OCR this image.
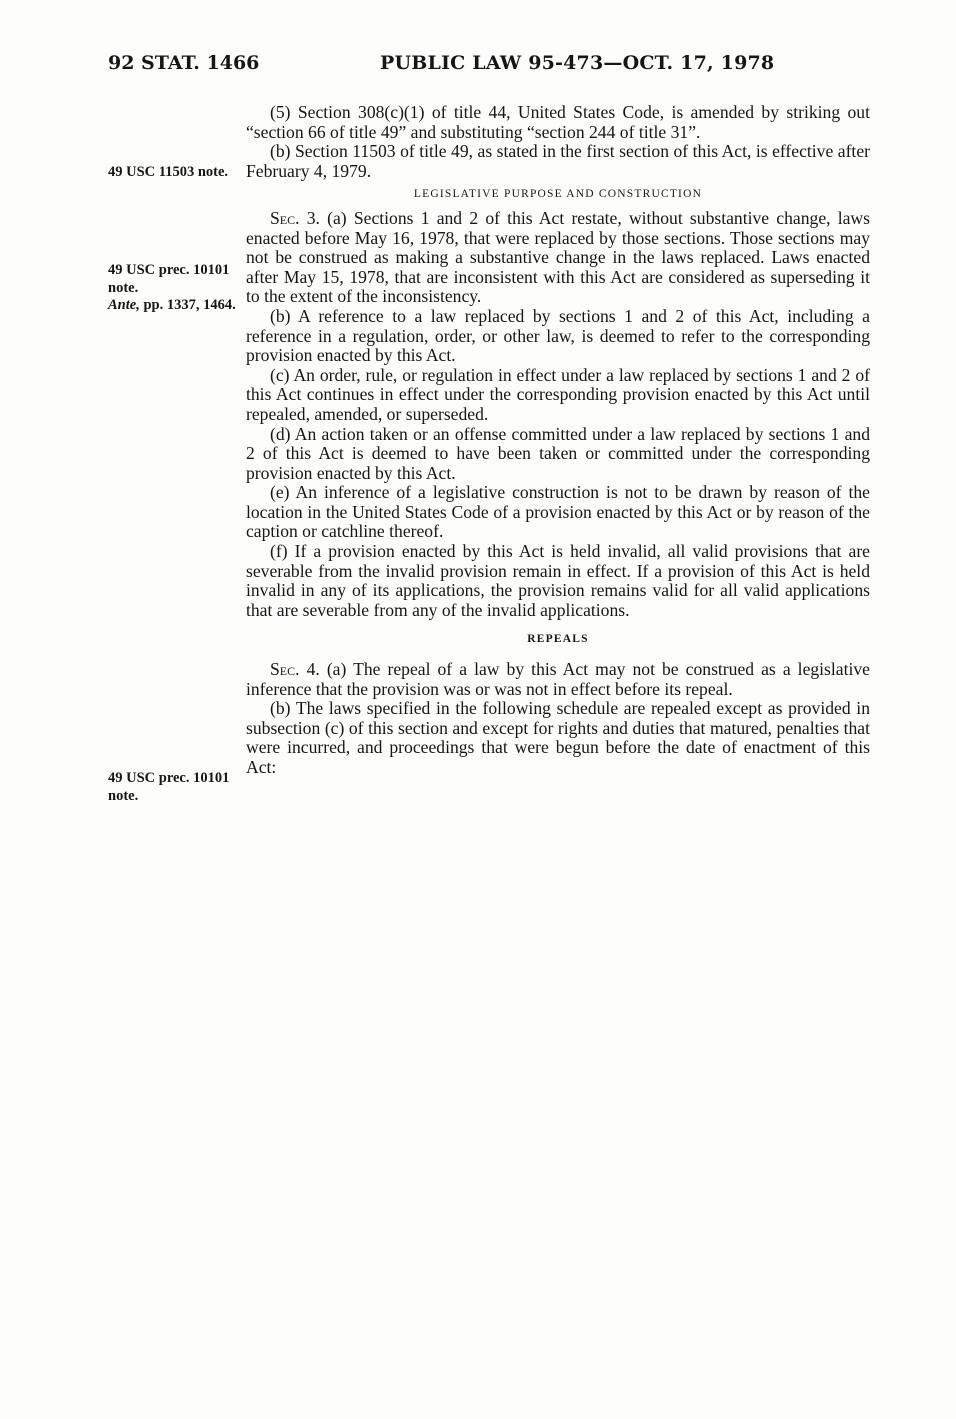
92 STAT. 1466	PUBLIC LAW 95-473—OCT. 17, 1978
49 USC 11503 note.
49 USC prec. 10101 note.
Ante, pp. 1337, 1464.
49 USC prec. 10101 note.

(5) Section 308(c)(1) of title 44, United States Code, is amended by striking out “section 66 of title 49” and substituting “section 244 of title 31”.

(b) Section 11503 of title 49, as stated in the first section of this Act, is effective after February 4, 1979.

LEGISLATIVE PURPOSE AND CONSTRUCTION

Sec. 3. (a) Sections 1 and 2 of this Act restate, without substantive change, laws enacted before May 16, 1978, that were replaced by those sections. Those sections may not be construed as making a substantive change in the laws replaced. Laws enacted after May 15, 1978, that are inconsistent with this Act are considered as superseding it to the extent of the inconsistency.

(b) A reference to a law replaced by sections 1 and 2 of this Act, including a reference in a regulation, order, or other law, is deemed to refer to the corresponding provision enacted by this Act.

(c) An order, rule, or regulation in effect under a law replaced by sections 1 and 2 of this Act continues in effect under the corresponding provision enacted by this Act until repealed, amended, or superseded.

(d) An action taken or an offense committed under a law replaced by sections 1 and 2 of this Act is deemed to have been taken or committed under the corresponding provision enacted by this Act.

(e) An inference of a legislative construction is not to be drawn by reason of the location in the United States Code of a provision enacted by this Act or by reason of the caption or catchline thereof.

(f) If a provision enacted by this Act is held invalid, all valid provisions that are severable from the invalid provision remain in effect. If a provision of this Act is held invalid in any of its applications, the provision remains valid for all valid applications that are severable from any of the invalid applications.

REPEALS

Sec. 4. (a) The repeal of a law by this Act may not be construed as a legislative inference that the provision was or was not in effect before its repeal.

(b) The laws specified in the following schedule are repealed except as provided in subsection (c) of this section and except for rights and duties that matured, penalties that were incurred, and proceedings that were begun before the date of enactment of this Act:
